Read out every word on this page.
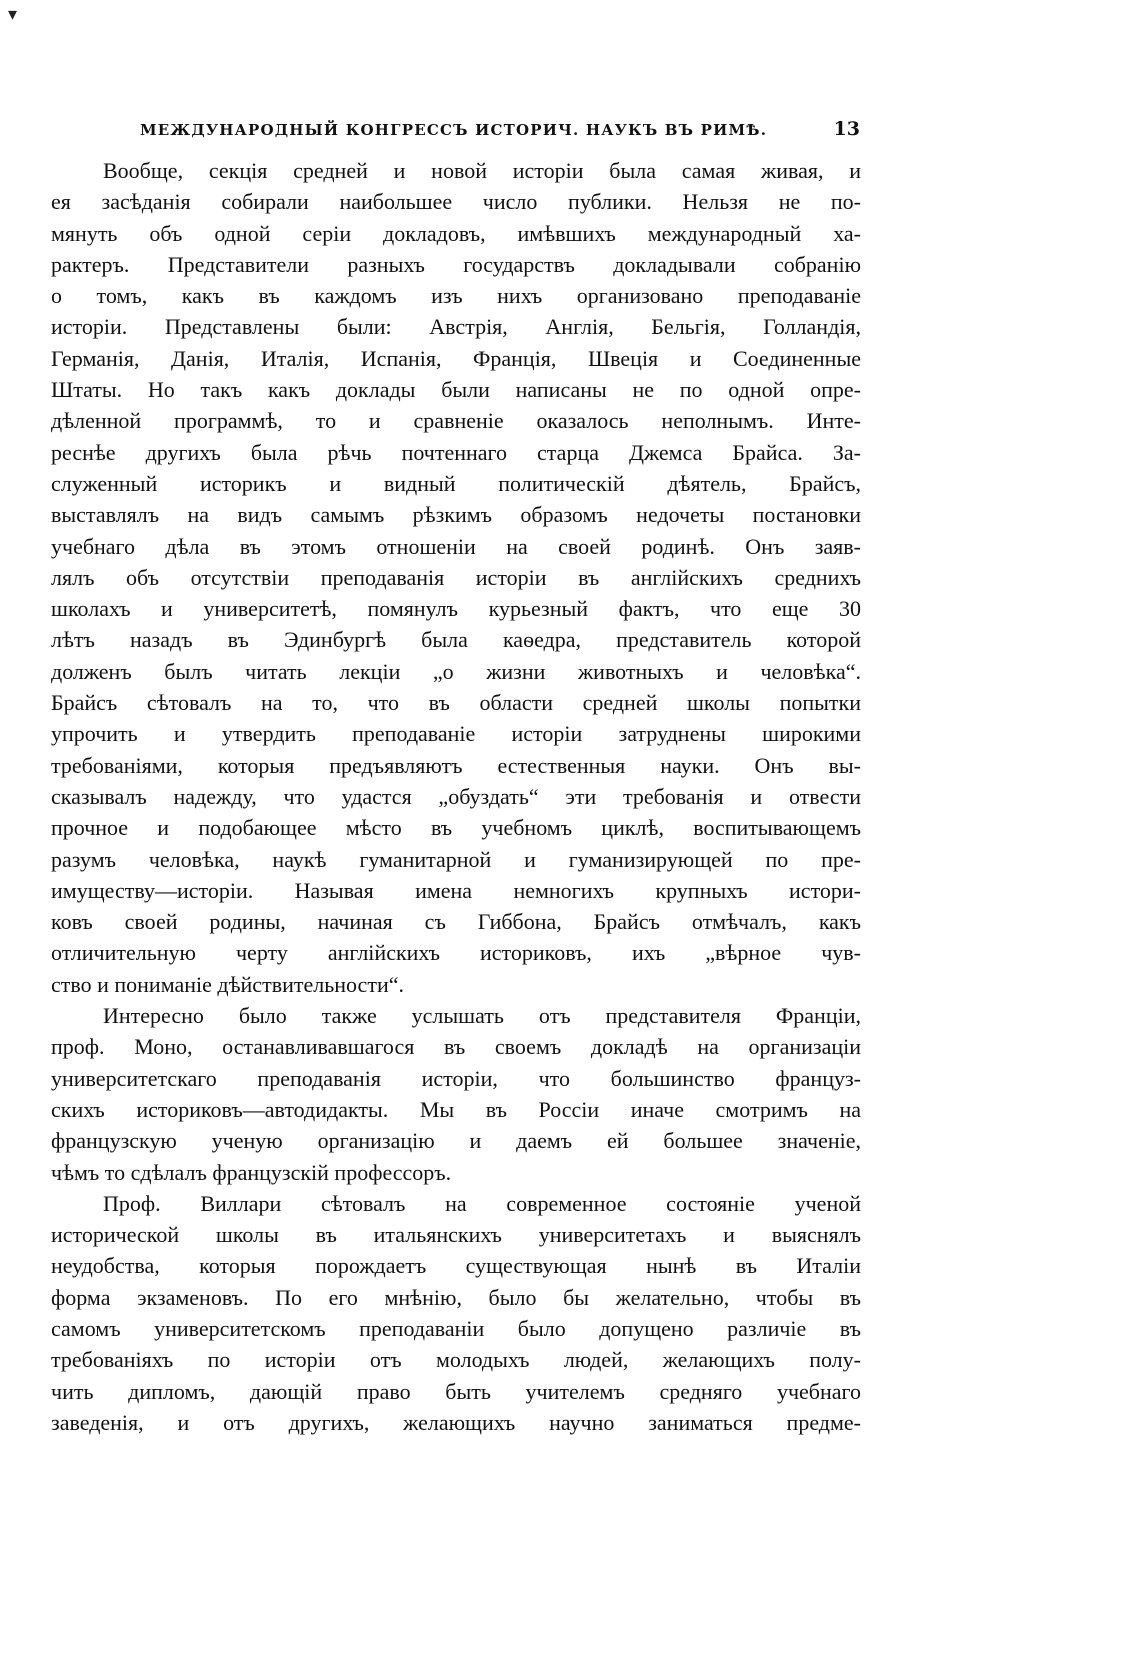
▾
МЕЖДУНАРОДНЫЙ КОНГРЕССЪ ИСТОРИЧ. НАУКЪ ВЪ РИМѢ.	13
Вообще, секція средней и новой исторіи была самая живая, и
ея засѣданія собирали наибольшее число публики. Нельзя не по-
мянуть объ одной серіи докладовъ, имѣвшихъ международный ха-
рактеръ. Представители разныхъ государствъ докладывали собранію
о томъ, какъ въ каждомъ изъ нихъ организовано преподаваніе
исторіи. Представлены были: Австрія, Англія, Бельгія, Голландія,
Германія, Данія, Италія, Испанія, Франція, Швеція и Соединенные
Штаты. Но такъ какъ доклады были написаны не по одной опре-
дѣленной программѣ, то и сравненіе оказалось неполнымъ. Инте-
реснѣе другихъ была рѣчь почтеннаго старца Джемса Брайса. За-
служенный историкъ и видный политическій дѣятель, Брайсъ,
выставлялъ на видъ самымъ рѣзкимъ образомъ недочеты постановки
учебнаго дѣла въ этомъ отношеніи на своей родинѣ. Онъ заяв-
лялъ объ отсутствіи преподаванія исторіи въ англійскихъ среднихъ
школахъ и университетѣ, помянулъ курьезный фактъ, что еще 30
лѣтъ назадъ въ Эдинбургѣ была каѳедра, представитель которой
долженъ былъ читать лекціи „о жизни животныхъ и человѣка“.
Брайсъ сѣтовалъ на то, что въ области средней школы попытки
упрочить и утвердить преподаваніе исторіи затруднены широкими
требованіями, которыя предъявляютъ естественныя науки. Онъ вы-
сказывалъ надежду, что удастся „обуздать“ эти требованія и отвести
прочное и подобающее мѣсто въ учебномъ циклѣ, воспитывающемъ
разумъ человѣка, наукѣ гуманитарной и гуманизирующей по пре-
имуществу—исторіи. Называя имена немногихъ крупныхъ истори-
ковъ своей родины, начиная съ Гиббона, Брайсъ отмѣчалъ, какъ
отличительную черту англійскихъ историковъ, ихъ „вѣрное чув-
ство и пониманіе дѣйствительности“.
Интересно было также услышать отъ представителя Франціи,
проф. Моно, останавливавшагося въ своемъ докладѣ на организаціи
университетскаго преподаванія исторіи, что большинство француз-
скихъ историковъ—автодидакты. Мы въ Россіи иначе смотримъ на
французскую ученую организацію и даемъ ей большее значеніе,
чѣмъ то сдѣлалъ французскій профессоръ.
Проф. Виллари сѣтовалъ на современное состояніе ученой
исторической школы въ итальянскихъ университетахъ и выяснялъ
неудобства, которыя порождаетъ существующая нынѣ въ Италіи
форма экзаменовъ. По его мнѣнію, было бы желательно, чтобы въ
самомъ университетскомъ преподаваніи было допущено различіе въ
требованіяхъ по исторіи отъ молодыхъ людей, желающихъ полу-
чить дипломъ, дающій право быть учителемъ средняго учебнаго
заведенія, и отъ другихъ, желающихъ научно заниматься предме-
